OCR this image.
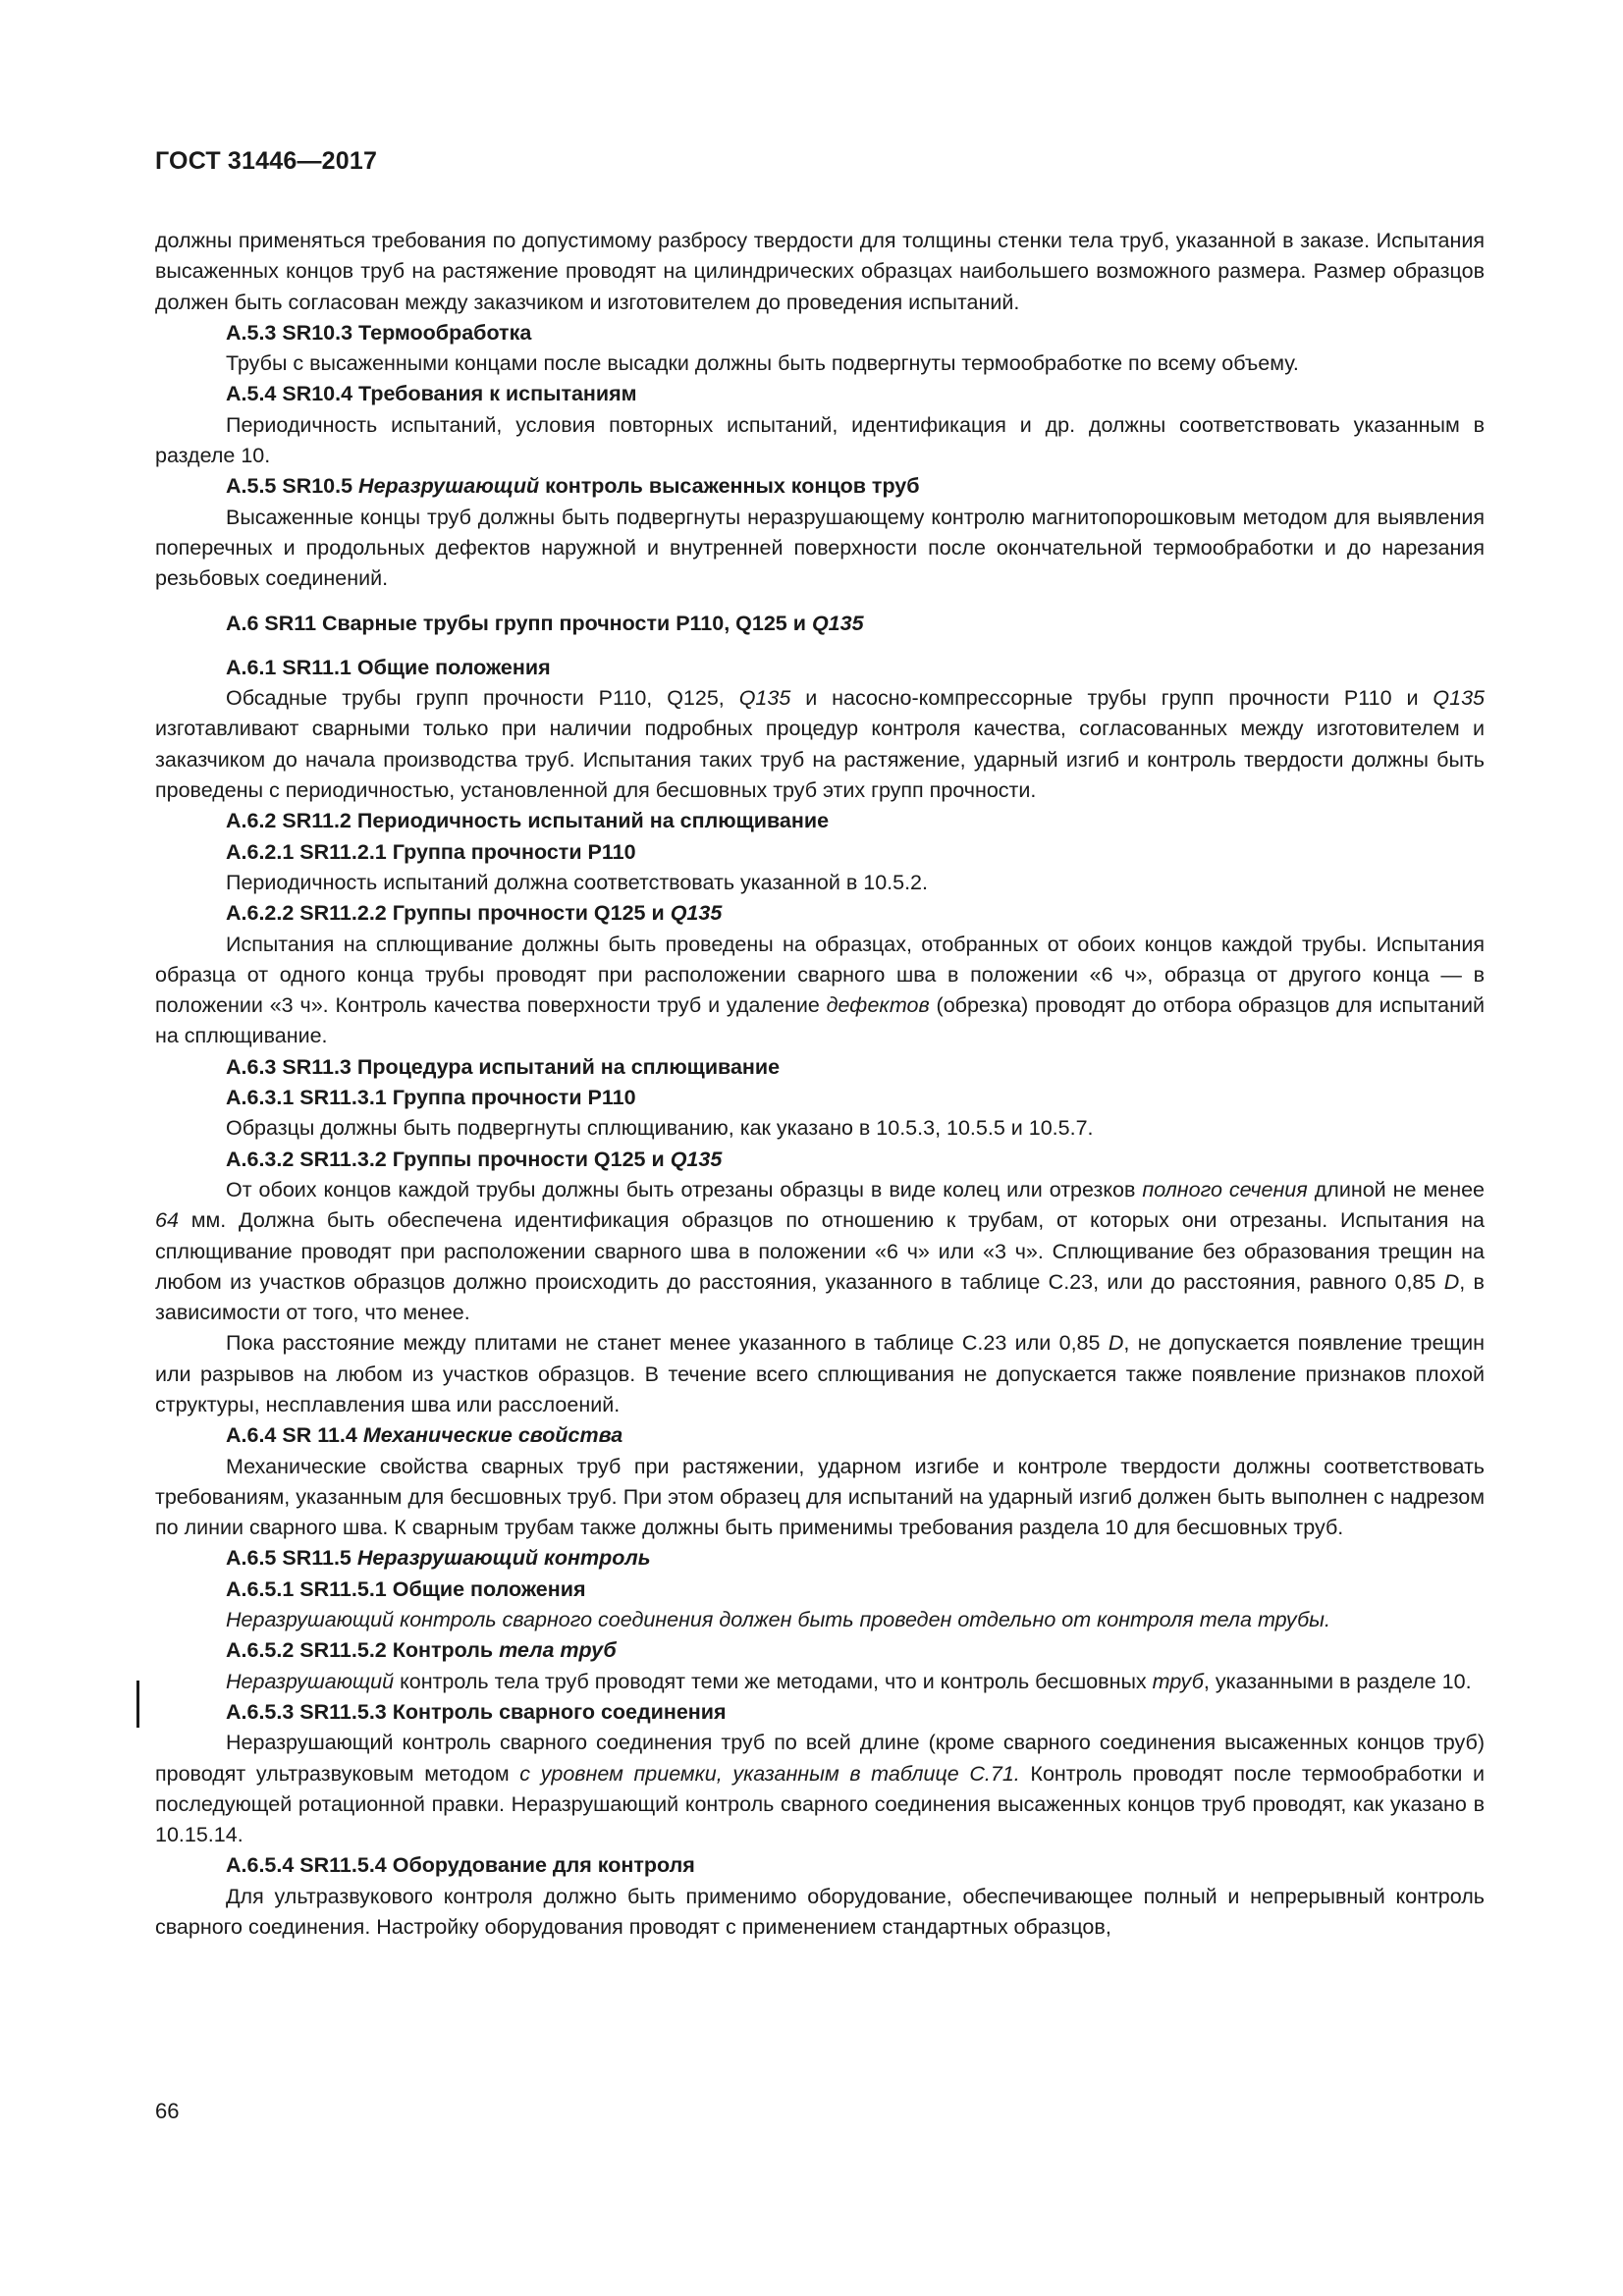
ГОСТ 31446—2017

должны применяться требования по допустимому разбросу твердости для толщины стенки тела труб, указанной в заказе. Испытания высаженных концов труб на растяжение проводят на цилиндрических образцах наибольшего возможного размера. Размер образцов должен быть согласован между заказчиком и изготовителем до проведения испытаний.

А.5.3 SR10.3 Термообработка

Трубы с высаженными концами после высадки должны быть подвергнуты термообработке по всему объему.

А.5.4 SR10.4 Требования к испытаниям

Периодичность испытаний, условия повторных испытаний, идентификация и др. должны соответствовать указанным в разделе 10.

А.5.5 SR10.5 Неразрушающий контроль высаженных концов труб

Высаженные концы труб должны быть подвергнуты неразрушающему контролю магнитопорошковым методом для выявления поперечных и продольных дефектов наружной и внутренней поверхности после окончательной термообработки и до нарезания резьбовых соединений.

А.6 SR11 Сварные трубы групп прочности Р110, Q125 и Q135

А.6.1 SR11.1 Общие положения

Обсадные трубы групп прочности Р110, Q125, Q135 и насосно-компрессорные трубы групп прочности Р110 и Q135 изготавливают сварными только при наличии подробных процедур контроля качества, согласованных между изготовителем и заказчиком до начала производства труб. Испытания таких труб на растяжение, ударный изгиб и контроль твердости должны быть проведены с периодичностью, установленной для бесшовных труб этих групп прочности.

А.6.2 SR11.2 Периодичность испытаний на сплющивание

А.6.2.1 SR11.2.1 Группа прочности Р110

Периодичность испытаний должна соответствовать указанной в 10.5.2.

А.6.2.2 SR11.2.2 Группы прочности Q125 и Q135

Испытания на сплющивание должны быть проведены на образцах, отобранных от обоих концов каждой трубы. Испытания образца от одного конца трубы проводят при расположении сварного шва в положении «6 ч», образца от другого конца — в положении «3 ч». Контроль качества поверхности труб и удаление дефектов (обрезка) проводят до отбора образцов для испытаний на сплющивание.

А.6.3 SR11.3 Процедура испытаний на сплющивание

А.6.3.1 SR11.3.1 Группа прочности Р110

Образцы должны быть подвергнуты сплющиванию, как указано в 10.5.3, 10.5.5 и 10.5.7.

А.6.3.2 SR11.3.2 Группы прочности Q125 и Q135

От обоих концов каждой трубы должны быть отрезаны образцы в виде колец или отрезков полного сечения длиной не менее 64 мм. Должна быть обеспечена идентификация образцов по отношению к трубам, от которых они отрезаны. Испытания на сплющивание проводят при расположении сварного шва в положении «6 ч» или «3 ч». Сплющивание без образования трещин на любом из участков образцов должно происходить до расстояния, указанного в таблице С.23, или до расстояния, равного 0,85 D, в зависимости от того, что менее.

Пока расстояние между плитами не станет менее указанного в таблице С.23 или 0,85 D, не допускается появление трещин или разрывов на любом из участков образцов. В течение всего сплющивания не допускается также появление признаков плохой структуры, несплавления шва или расслоений.

А.6.4 SR 11.4 Механические свойства

Механические свойства сварных труб при растяжении, ударном изгибе и контроле твердости должны соответствовать требованиям, указанным для бесшовных труб. При этом образец для испытаний на ударный изгиб должен быть выполнен с надрезом по линии сварного шва. К сварным трубам также должны быть применимы требования раздела 10 для бесшовных труб.

А.6.5 SR11.5 Неразрушающий контроль

А.6.5.1 SR11.5.1 Общие положения

Неразрушающий контроль сварного соединения должен быть проведен отдельно от контроля тела трубы.

А.6.5.2 SR11.5.2 Контроль тела труб

Неразрушающий контроль тела труб проводят теми же методами, что и контроль бесшовных труб, указанными в разделе 10.

А.6.5.3 SR11.5.3 Контроль сварного соединения

Неразрушающий контроль сварного соединения труб по всей длине (кроме сварного соединения высаженных концов труб) проводят ультразвуковым методом с уровнем приемки, указанным в таблице С.71. Контроль проводят после термообработки и последующей ротационной правки. Неразрушающий контроль сварного соединения высаженных концов труб проводят, как указано в 10.15.14.

А.6.5.4 SR11.5.4 Оборудование для контроля

Для ультразвукового контроля должно быть применимо оборудование, обеспечивающее полный и непрерывный контроль сварного соединения. Настройку оборудования проводят с применением стандартных образцов,

66
